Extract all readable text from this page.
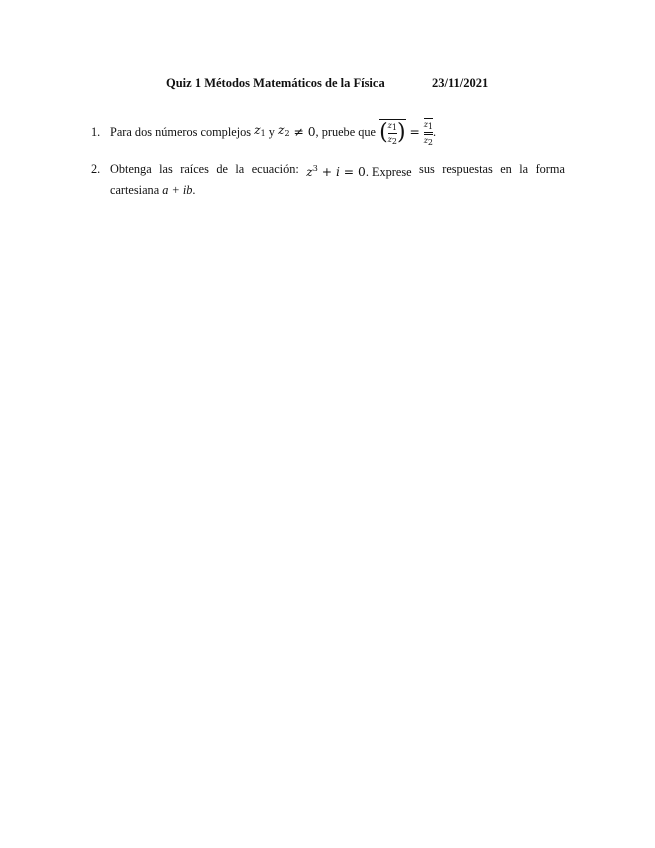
Quiz 1 Métodos Matemáticos de la Física	23/11/2021
1. Para dos números complejos
$z_1$ y $z_2 \ne 0$ , pruebe que ( $\frac{z_1}{z_2}$ ) = $\frac{z_1}{z_2}$ .
2. Obtenga las raíces de la ecuación: $z^3 + i = 0$. Exprese sus respuestas en la forma
cartesiana a + ib.
